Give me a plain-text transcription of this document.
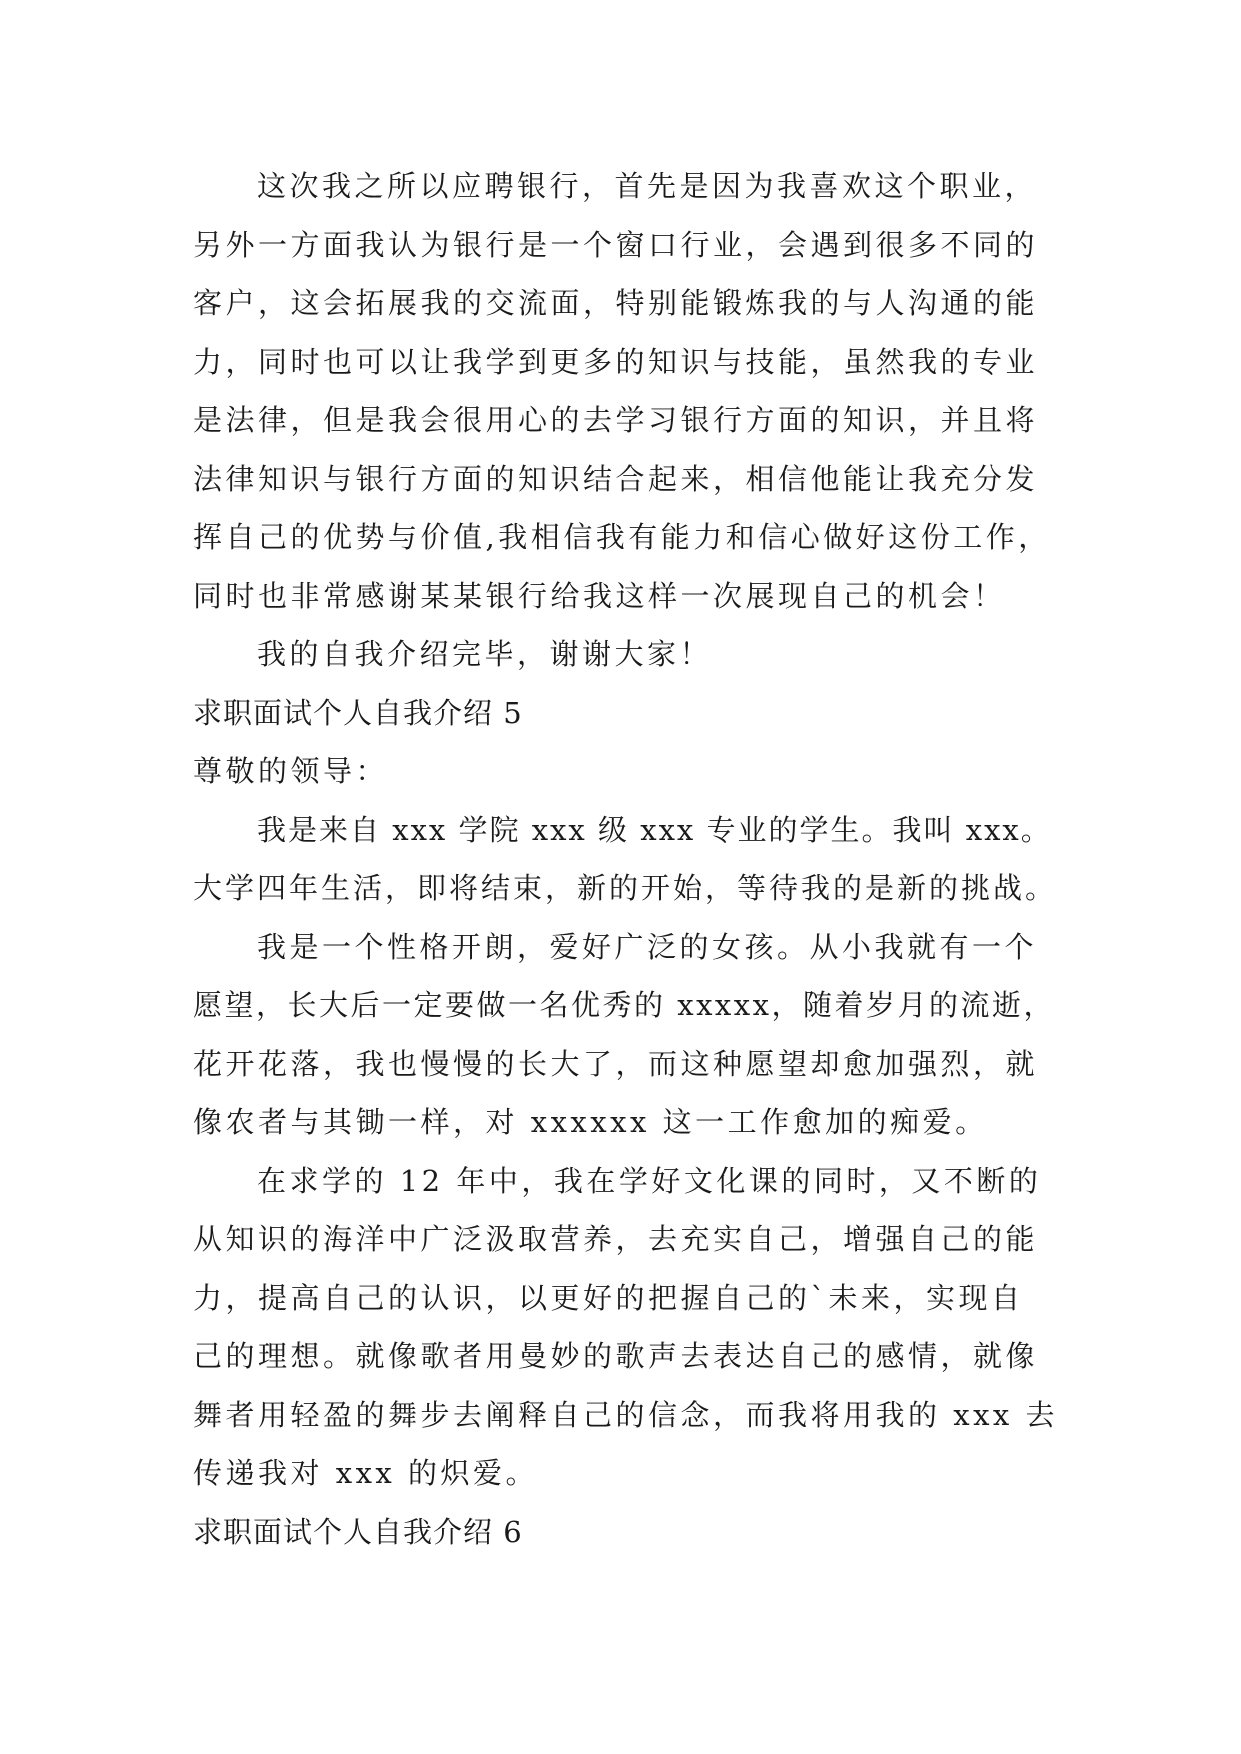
这次我之所以应聘银行，首先是因为我喜欢这个职业，
另外一方面我认为银行是一个窗口行业，会遇到很多不同的
客户，这会拓展我的交流面，特别能锻炼我的与人沟通的能
力，同时也可以让我学到更多的知识与技能，虽然我的专业
是法律，但是我会很用心的去学习银行方面的知识，并且将
法律知识与银行方面的知识结合起来，相信他能让我充分发
挥自己的优势与价值,我相信我有能力和信心做好这份工作，
同时也非常感谢某某银行给我这样一次展现自己的机会！
我的自我介绍完毕，谢谢大家！
求职面试个人自我介绍 5
尊敬的领导：
我是来自 xxx 学院 xxx 级 xxx 专业的学生。我叫 xxx。
大学四年生活，即将结束，新的开始，等待我的是新的挑战。
我是一个性格开朗，爱好广泛的女孩。从小我就有一个
愿望，长大后一定要做一名优秀的 xxxxx，随着岁月的流逝，
花开花落，我也慢慢的长大了，而这种愿望却愈加强烈，就
像农者与其锄一样，对 xxxxxx 这一工作愈加的痴爱。
在求学的 12 年中，我在学好文化课的同时，又不断的
从知识的海洋中广泛汲取营养，去充实自己，增强自己的能
力，提高自己的认识，以更好的把握自己的`未来，实现自
己的理想。就像歌者用曼妙的歌声去表达自己的感情，就像
舞者用轻盈的舞步去阐释自己的信念，而我将用我的 xxx 去
传递我对 xxx 的炽爱。
求职面试个人自我介绍 6
